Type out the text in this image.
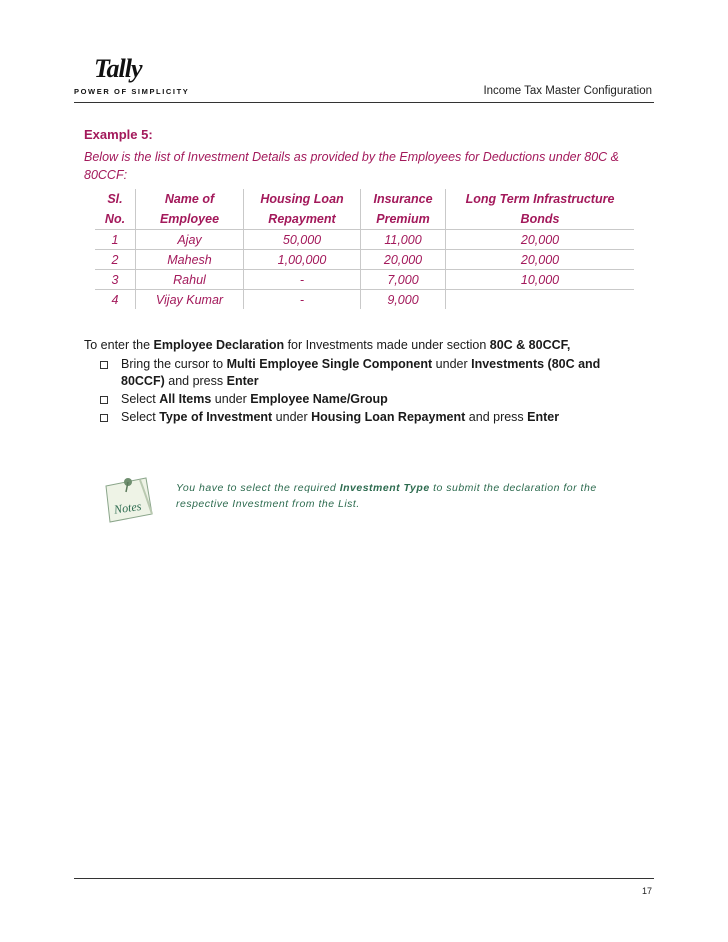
Tally
POWER OF SIMPLICITY	Income Tax Master Configuration
Example 5:
Below is the list of Investment Details as provided by the Employees for Deductions under 80C & 80CCF:
Sl.	Name of	Housing Loan	Insurance	Long Term Infrastructure
No.	Employee	Repayment	Premium	Bonds
1	Ajay	50,000	11,000	20,000
2	Mahesh	1,00,000	20,000	20,000
3	Rahul	-	7,000	10,000
4	Vijay Kumar	-	9,000	
To enter the Employee Declaration for Investments made under section 80C & 80CCF,
Bring the cursor to Multi Employee Single Component under Investments (80C and 80CCF) and press Enter
Select All Items under Employee Name/Group
Select Type of Investment under Housing Loan Repayment and press Enter
Notes
You have to select the required Investment Type to submit the declaration for the respective Investment from the List.
17
